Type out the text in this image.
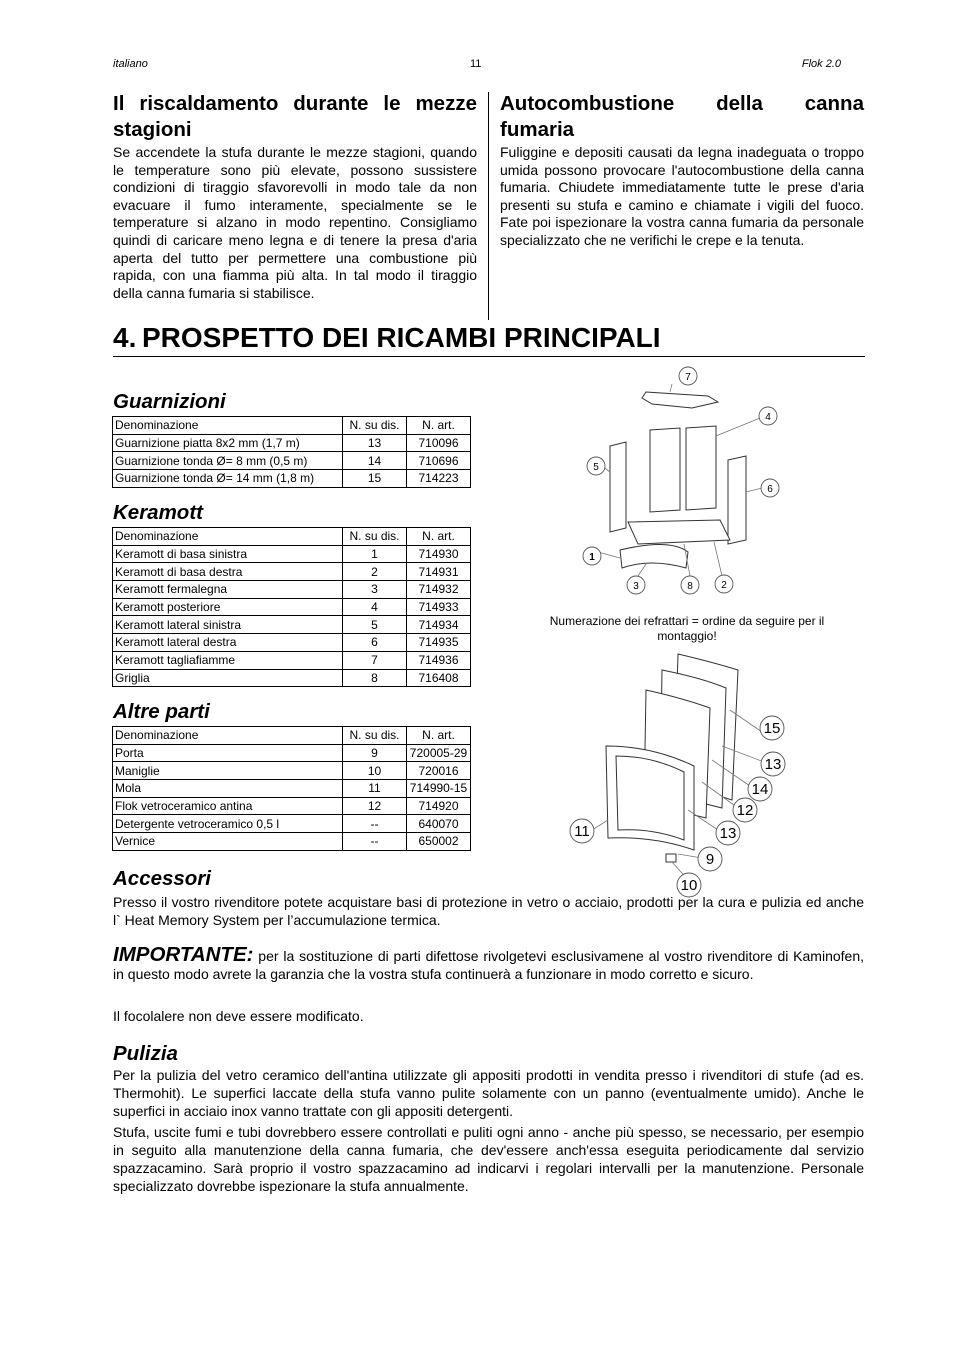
italiano	11	Flok 2.0
Il riscaldamento durante le mezze stagioni
Se accendete la stufa durante le mezze stagioni, quando le temperature sono più elevate, possono sussistere condizioni di tiraggio sfavorevolli in modo tale da non evacuare il fumo interamente, specialmente se le temperature si alzano in modo repentino. Consigliamo quindi di caricare meno legna e di tenere la presa d'aria aperta del tutto per permettere una combustione più rapida, con una fiamma più alta. In tal modo il tiraggio della canna fumaria si stabilisce.
Autocombustione della canna fumaria
Fuliggine e depositi causati da legna inadeguata o troppo umida possono provocare l'autocombustione della canna fumaria. Chiudete immediatamente tutte le prese d'aria presenti su stufa e camino e chiamate i vigili del fuoco. Fate poi ispezionare la vostra canna fumaria da personale specializzato che ne verifichi le crepe e la tenuta.
4. PROSPETTO DEI RICAMBI PRINCIPALI
Guarnizioni
Denominazione	N. su dis.	N. art.
Guarnizione piatta 8x2 mm (1,7 m)	13	710096
Guarnizione tonda Ø= 8 mm (0,5 m)	14	710696
Guarnizione tonda Ø= 14 mm (1,8 m)	15	714223
Keramott
Denominazione	N. su dis.	N. art.
Keramott di basa sinistra	1	714930
Keramott di basa destra	2	714931
Keramott fermalegna	3	714932
Keramott posteriore	4	714933
Keramott lateral sinistra	5	714934
Keramott lateral destra	6	714935
Keramott tagliafiamme	7	714936
Griglia	8	716408
Altre parti
Denominazione	N. su dis.	N. art.
Porta	9	720005-29
Maniglie	10	720016
Mola	11	714990-15
Flok vetroceramico antina	12	714920
Detergente vetroceramico 0,5 l	--	640070
Vernice	--	650002
7
4
5
6
1
3	8	2
Numerazione dei refrattari = ordine da seguire per il montaggio!
15
13
14
12
11	13
9
10
Accessori
Presso il vostro rivenditore potete acquistare basi di protezione in vetro o acciaio, prodotti per la cura e pulizia ed anche l` Heat Memory System per l’accumulazione termica.
IMPORTANTE: per la sostituzione di parti difettose rivolgetevi esclusivamene al vostro rivenditore di Kaminofen, in questo modo avrete la garanzia che la vostra stufa continuerà a funzionare in modo corretto e sicuro.
Il focolalere non deve essere modificato.
Pulizia
Per la pulizia del vetro ceramico dell'antina utilizzate gli appositi prodotti in vendita presso i rivenditori di stufe (ad es. Thermohit). Le superfici laccate della stufa vanno pulite solamente con un panno (eventualmente umido). Anche le superfici in acciaio inox vanno trattate con gli appositi detergenti.
Stufa, uscite fumi e tubi dovrebbero essere controllati e puliti ogni anno - anche più spesso, se necessario, per esempio in seguito alla manutenzione della canna fumaria, che dev'essere anch'essa eseguita periodicamente dal servizio spazzacamino. Sarà proprio il vostro spazzacamino ad indicarvi i regolari intervalli per la manutenzione. Personale specializzato dovrebbe ispezionare la stufa annualmente.
